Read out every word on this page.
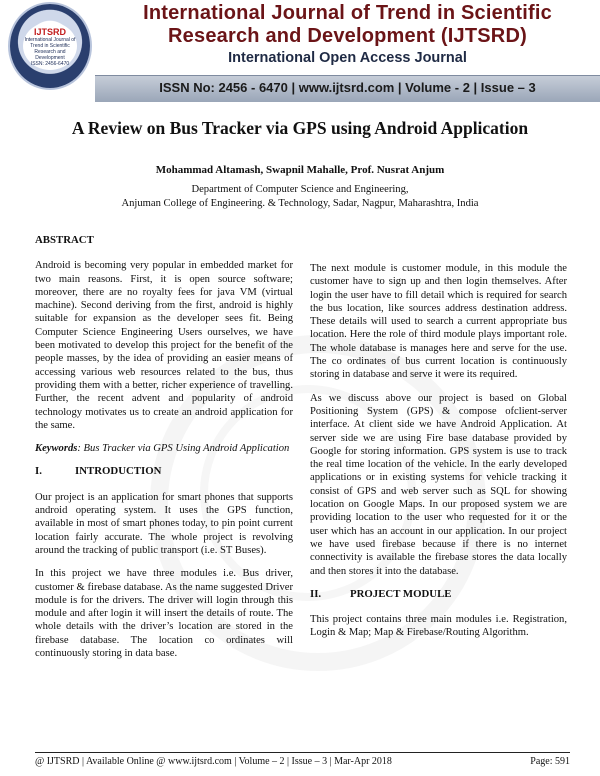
IJTSRD
International Journal of Trend in Scientific Research and Development
ISSN: 2456-6470
International Journal of Trend in Scientific
Research and Development (IJTSRD)
International Open Access Journal
ISSN No: 2456 - 6470 | www.ijtsrd.com | Volume - 2 | Issue – 3
A Review on Bus Tracker via GPS using Android Application
Mohammad Altamash, Swapnil Mahalle, Prof. Nusrat Anjum
Department of Computer Science and Engineering,
Anjuman College of Engineering. & Technology, Sadar, Nagpur, Maharashtra, India
ABSTRACT

Android is becoming very popular in embedded market for two main reasons. First, it is open source software; moreover, there are no royalty fees for java VM (virtual machine). Second deriving from the first, android is highly suitable for expansion as the developer sees fit. Being Computer Science Engineering Users ourselves, we have been motivated to develop this project for the benefit of the people masses, by the idea of providing an easier means of accessing various web resources related to the bus, thus providing them with a better, richer experience of travelling. Further, the recent advent and popularity of android technology motivates us to create an android application for the same.

Keywords: Bus Tracker via GPS Using Android Application

I.	INTRODUCTION

Our project is an application for smart phones that supports android operating system. It uses the GPS function, available in most of smart phones today, to pin point current location fairly accurate. The whole project is revolving around the tracking of public transport (i.e. ST Buses).

In this project we have three modules i.e. Bus driver, customer & firebase database. As the name suggested Driver module is for the drivers. The driver will login through this module and after login it will insert the details of route. The whole details with the driver’s location are stored in the firebase database. The location co ordinates will continuously storing in data base.

The next module is customer module, in this module the customer have to sign up and then login themselves. After login the user have to fill detail which is required for search the bus location, like sources address destination address. These details will used to search a current appropriate bus location. Here the role of third module plays important role. The whole database is manages here and serve for the use. The co ordinates of bus current location is continuously storing in database and serve it were its required.

As we discuss above our project is based on Global Positioning System (GPS) & compose ofclient-server interface. At client side we have Android Application. At server side we are using Fire base database provided by Google for storing information. GPS system is use to track the real time location of the vehicle. In the early developed applications or in existing systems for vehicle tracking it consist of GPS and web server such as SQL for showing location on Google Maps. In our proposed system we are providing location to the user who requested for it or the user which has an account in our application. In our project we have used firebase because if there is no internet connectivity is available the firebase stores the data locally and then stores it into the database.

II.	PROJECT MODULE

This project contains three main modules i.e. Registration, Login & Map; Map & Firebase/Routing Algorithm.

@ IJTSRD | Available Online @ www.ijtsrd.com | Volume – 2 | Issue – 3 | Mar-Apr 2018	Page: 591
